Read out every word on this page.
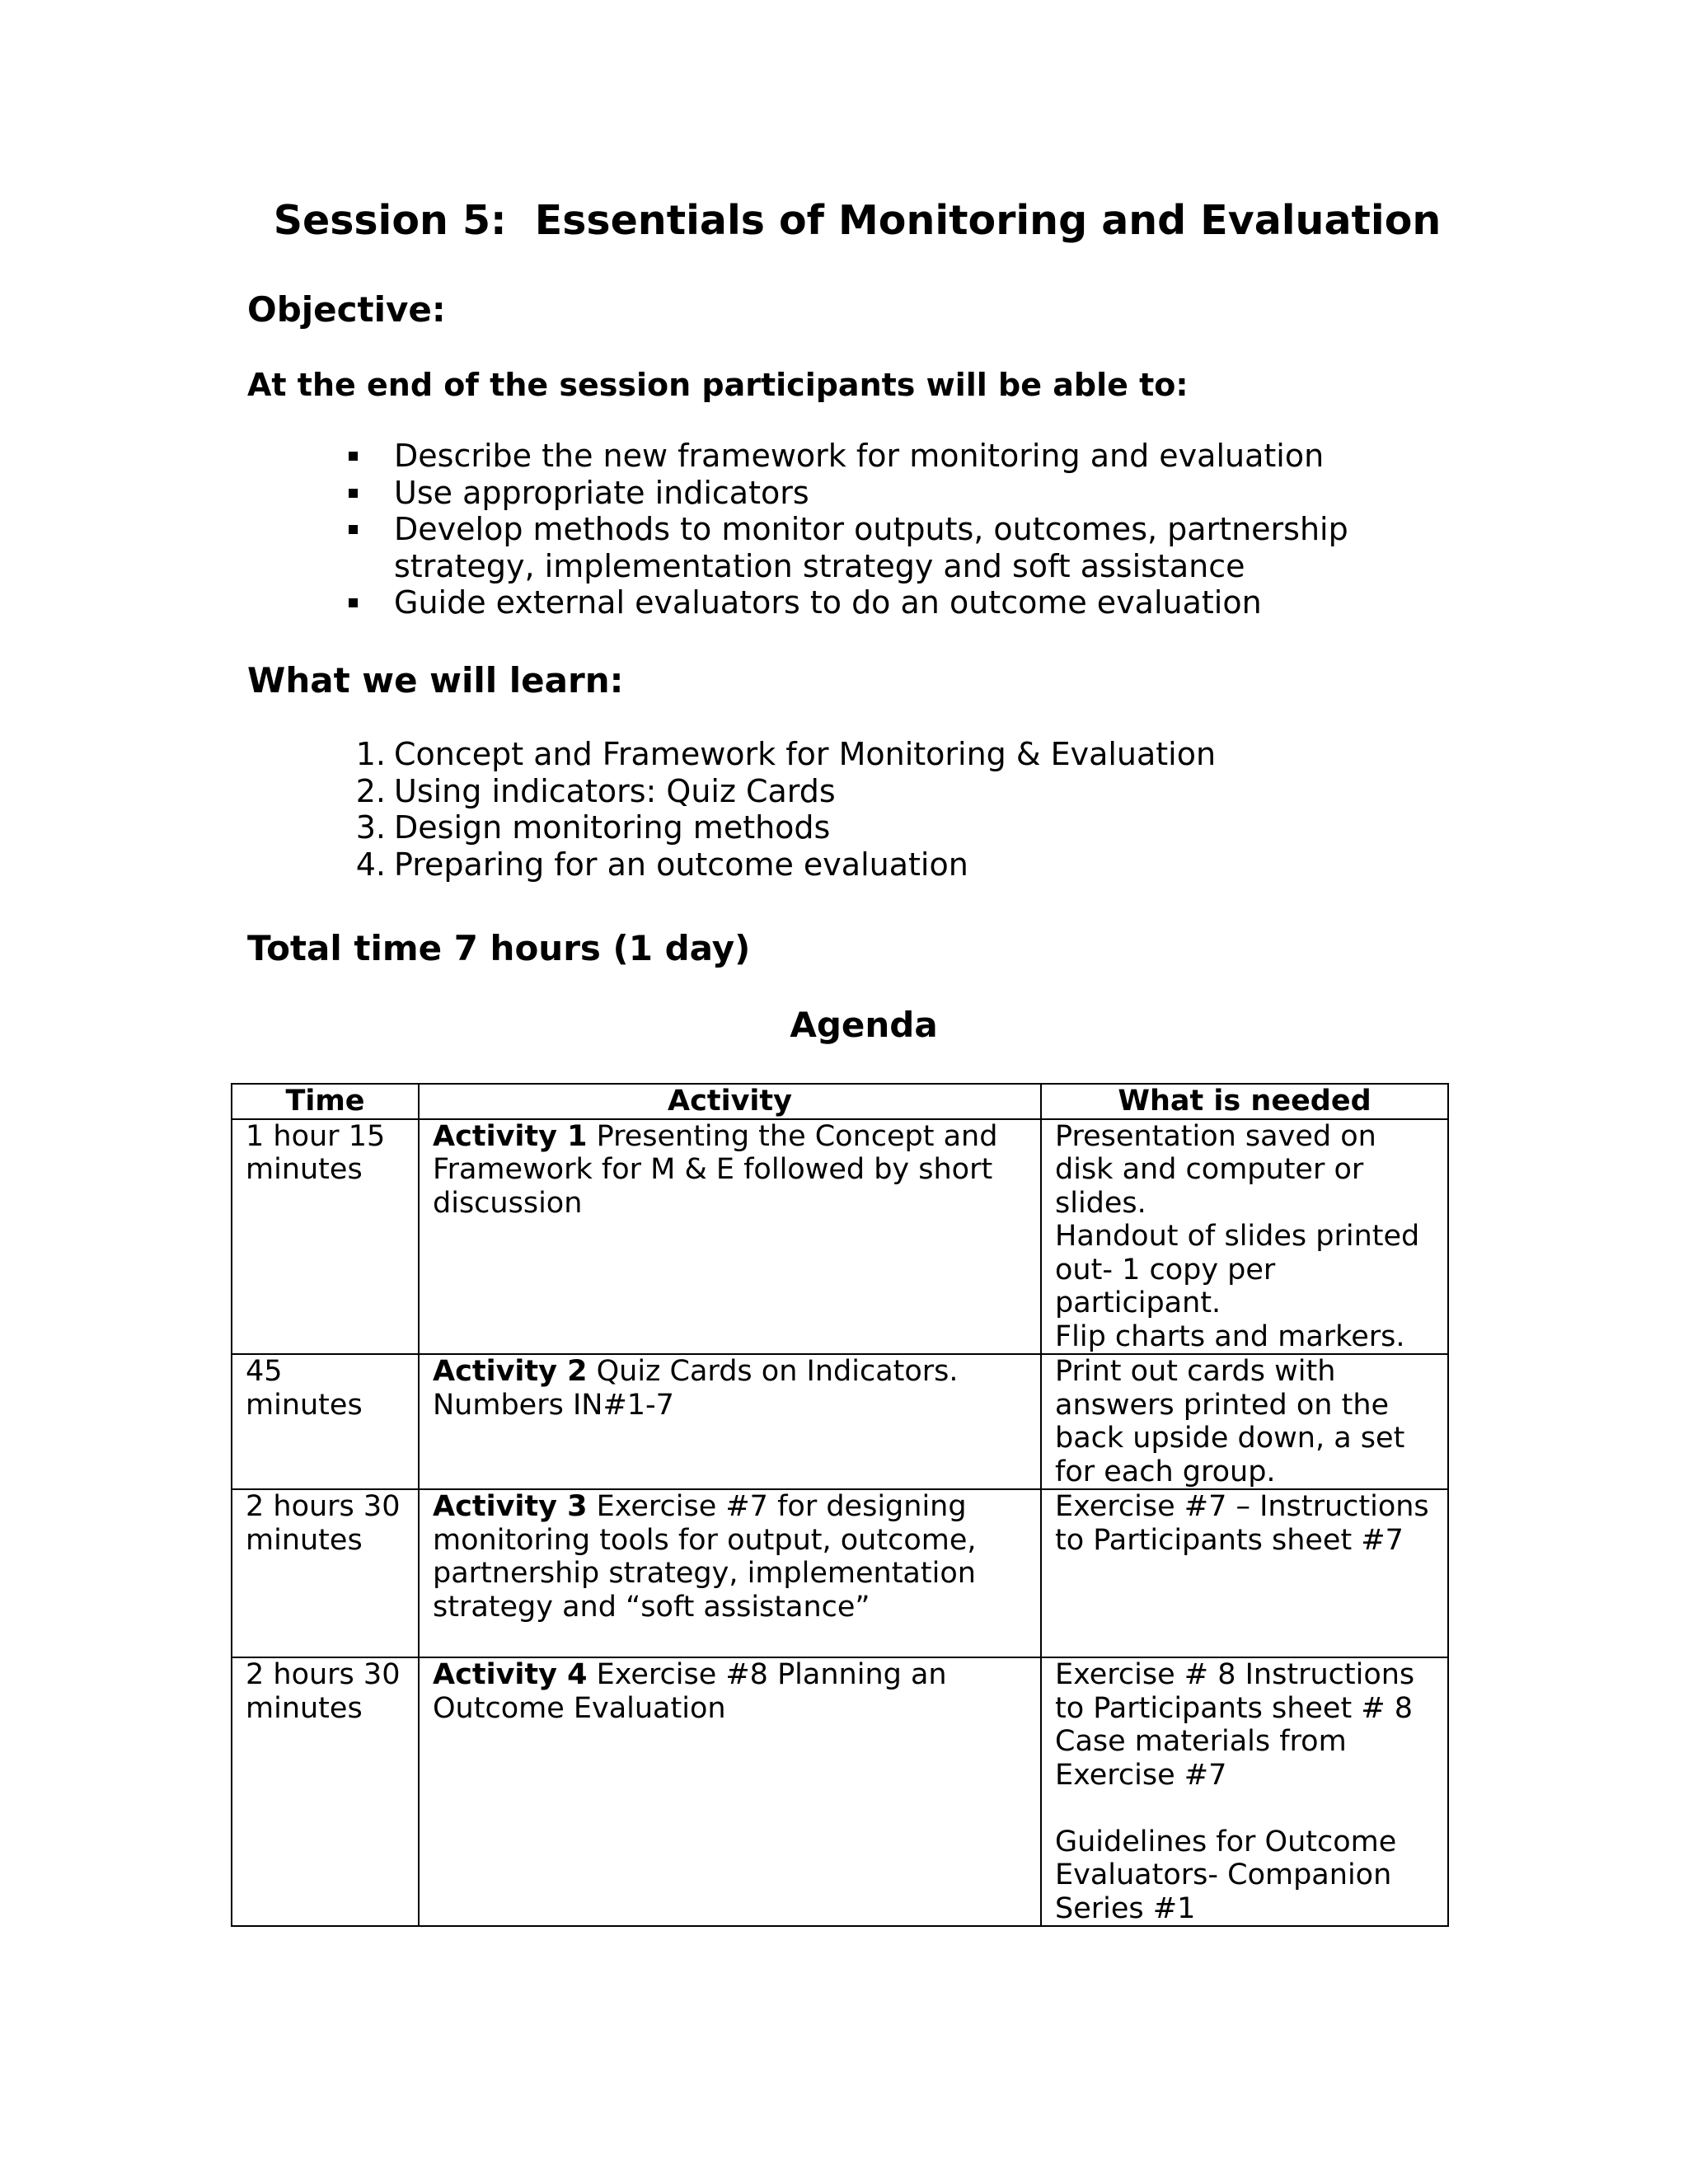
Session 5:  Essentials of Monitoring and Evaluation
Objective:
At the end of the session participants will be able to:
Describe the new framework for monitoring and evaluation
Use appropriate indicators
Develop methods to monitor outputs, outcomes, partnership strategy, implementation strategy and soft assistance
Guide external evaluators to do an outcome evaluation
What we will learn:
1. Concept and Framework for Monitoring & Evaluation
2. Using indicators: Quiz Cards
3. Design monitoring methods
4. Preparing for an outcome evaluation
Total time 7 hours (1 day)
Agenda
Time	Activity	What is needed
1 hour 15 minutes	Activity 1 Presenting the Concept and Framework for M & E followed by short discussion	Presentation saved on disk and computer or slides.
Handout of slides printed out- 1 copy per participant.
Flip charts and markers.

45 minutes	Activity 2 Quiz Cards on Indicators. Numbers IN#1-7	Print out cards with answers printed on the back upside down, a set for each group.

2 hours 30 minutes	Activity 3 Exercise #7 for designing monitoring tools for output, outcome, partnership strategy, implementation strategy and “soft assistance”	Exercise #7 – Instructions to Participants sheet #7

2 hours 30 minutes	Activity 4 Exercise #8 Planning an Outcome Evaluation	Exercise # 8 Instructions to Participants sheet # 8
Case materials from Exercise #7
Guidelines for Outcome Evaluators- Companion Series #1
